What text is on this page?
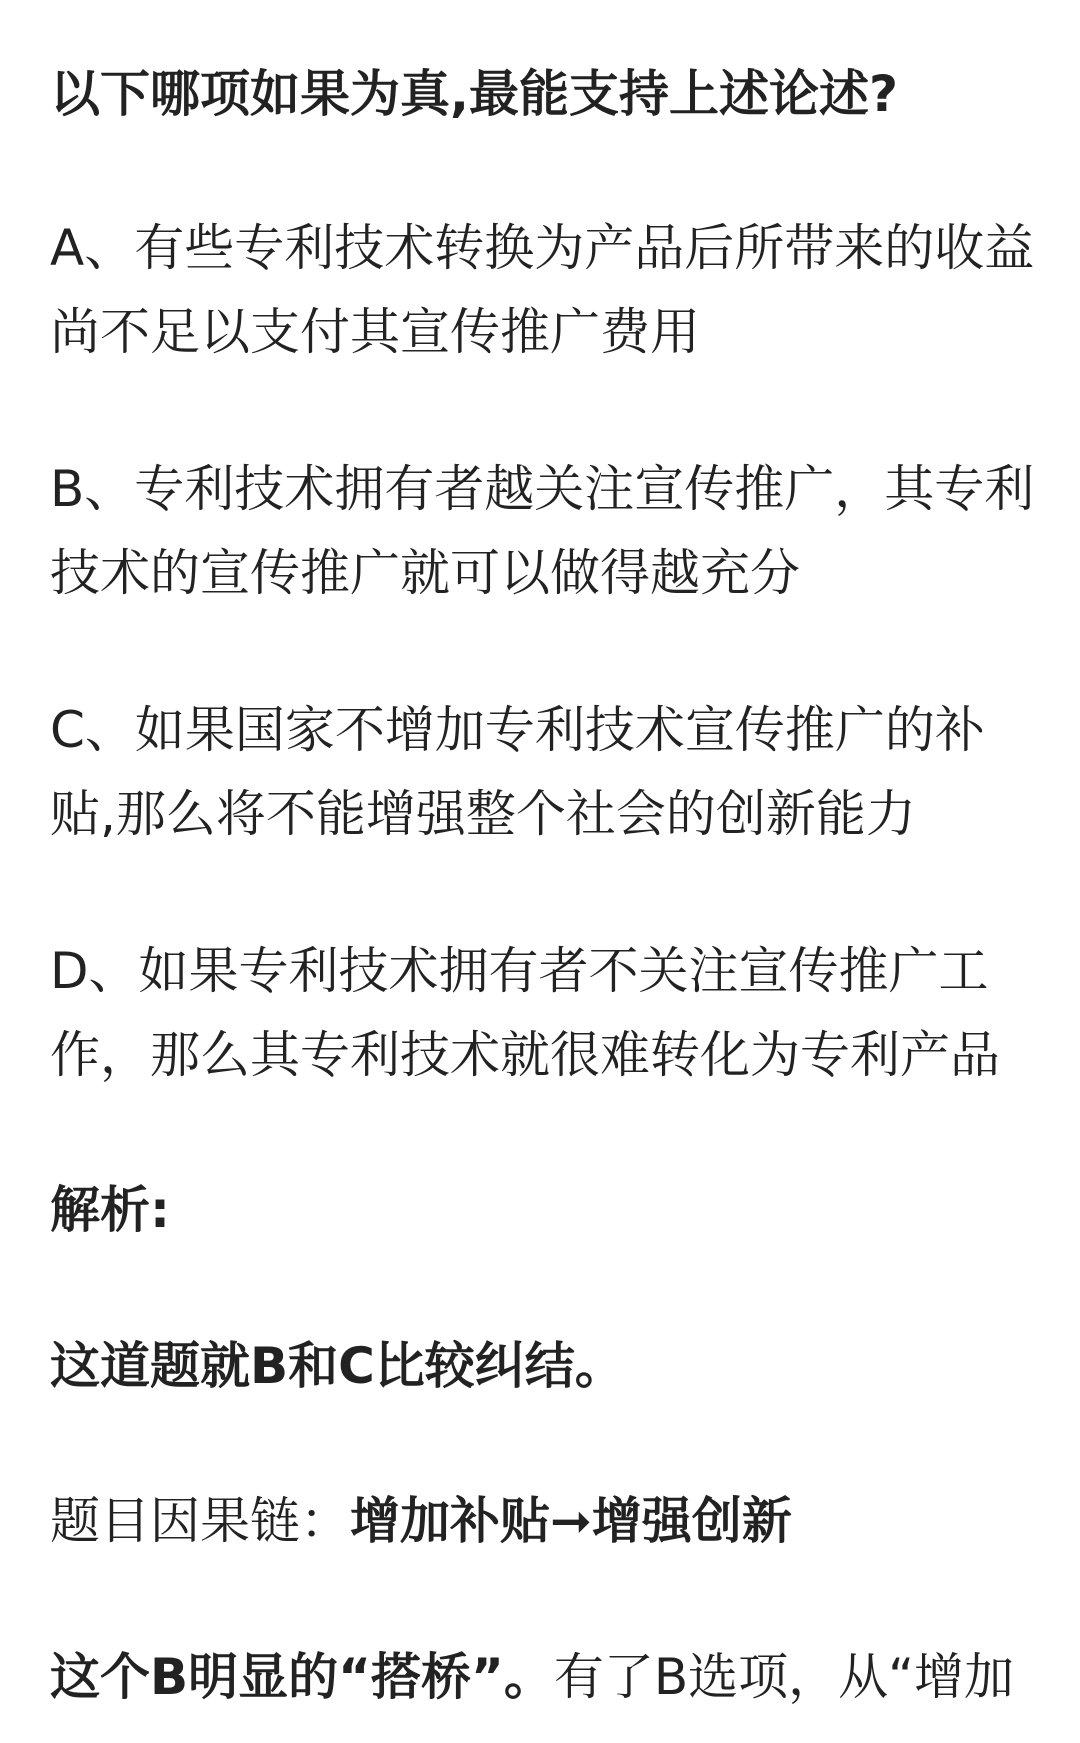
以下哪项如果为真,最能支持上述论述?

A、有些专利技术转换为产品后所带来的收益尚不足以支付其宣传推广费用

B、专利技术拥有者越关注宣传推广，其专利技术的宣传推广就可以做得越充分

C、如果国家不增加专利技术宣传推广的补贴,那么将不能增强整个社会的创新能力

D、如果专利技术拥有者不关注宣传推广工作，那么其专利技术就很难转化为专利产品

解析:

这道题就B和C比较纠结。

题目因果链：增加补贴➞增强创新

这个B明显的“搭桥”。有了B选项，从“增加
